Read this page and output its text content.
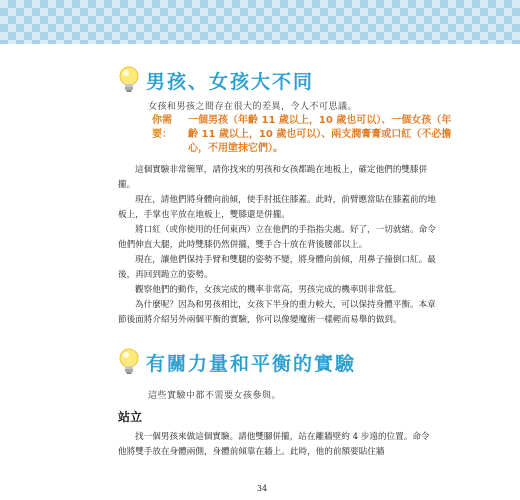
男孩、女孩大不同
女孩和男孩之間存在很大的差異，令人不可思議。
你需要：
一個男孩（年齡 11 歲以上，10 歲也可以）、一個女孩（年齡 11 歲以上，10 歲也可以）、兩支潤膏膏或口紅（不必擔心，不用塗抹它們）。

這個實驗非常簡單，請你找來的男孩和女孩都跪在地板上，確定他們的雙膝併攏。

現在，請他們將身體向前傾，使手肘抵住膝蓋。此時，前臂應當貼在膝蓋前的地板上，手掌也平放在地板上，雙膝還是併攏。

將口紅（或你使用的任何東西）立在他們的手指指尖處。好了，一切就緒。命令他們伸直大腿，此時雙膝仍然併攏，雙手合十放在背後腰部以上。

現在，讓他們保持手臂和雙腿的姿勢不變，將身體向前傾，用鼻子撞倒口紅。最後，再回到跪立的姿勢。

觀察他們的動作，女孩完成的機率非常高，男孩完成的機率則非常低。

為什麼呢？因為和男孩相比，女孩下半身的重力較大，可以保持身體平衡。本章節後面將介紹另外兩個平衡的實驗，你可以像變魔術一樣輕而易舉的做到。

有關力量和平衡的實驗
這些實驗中都不需要女孩參與。
站立

找一個男孩來做這個實驗。請他雙腳併攏，站在離牆壁約 4 步遠的位置。命令他將雙手放在身體兩側，身體前傾靠在牆上。此時，他的前額要貼住牆

34
